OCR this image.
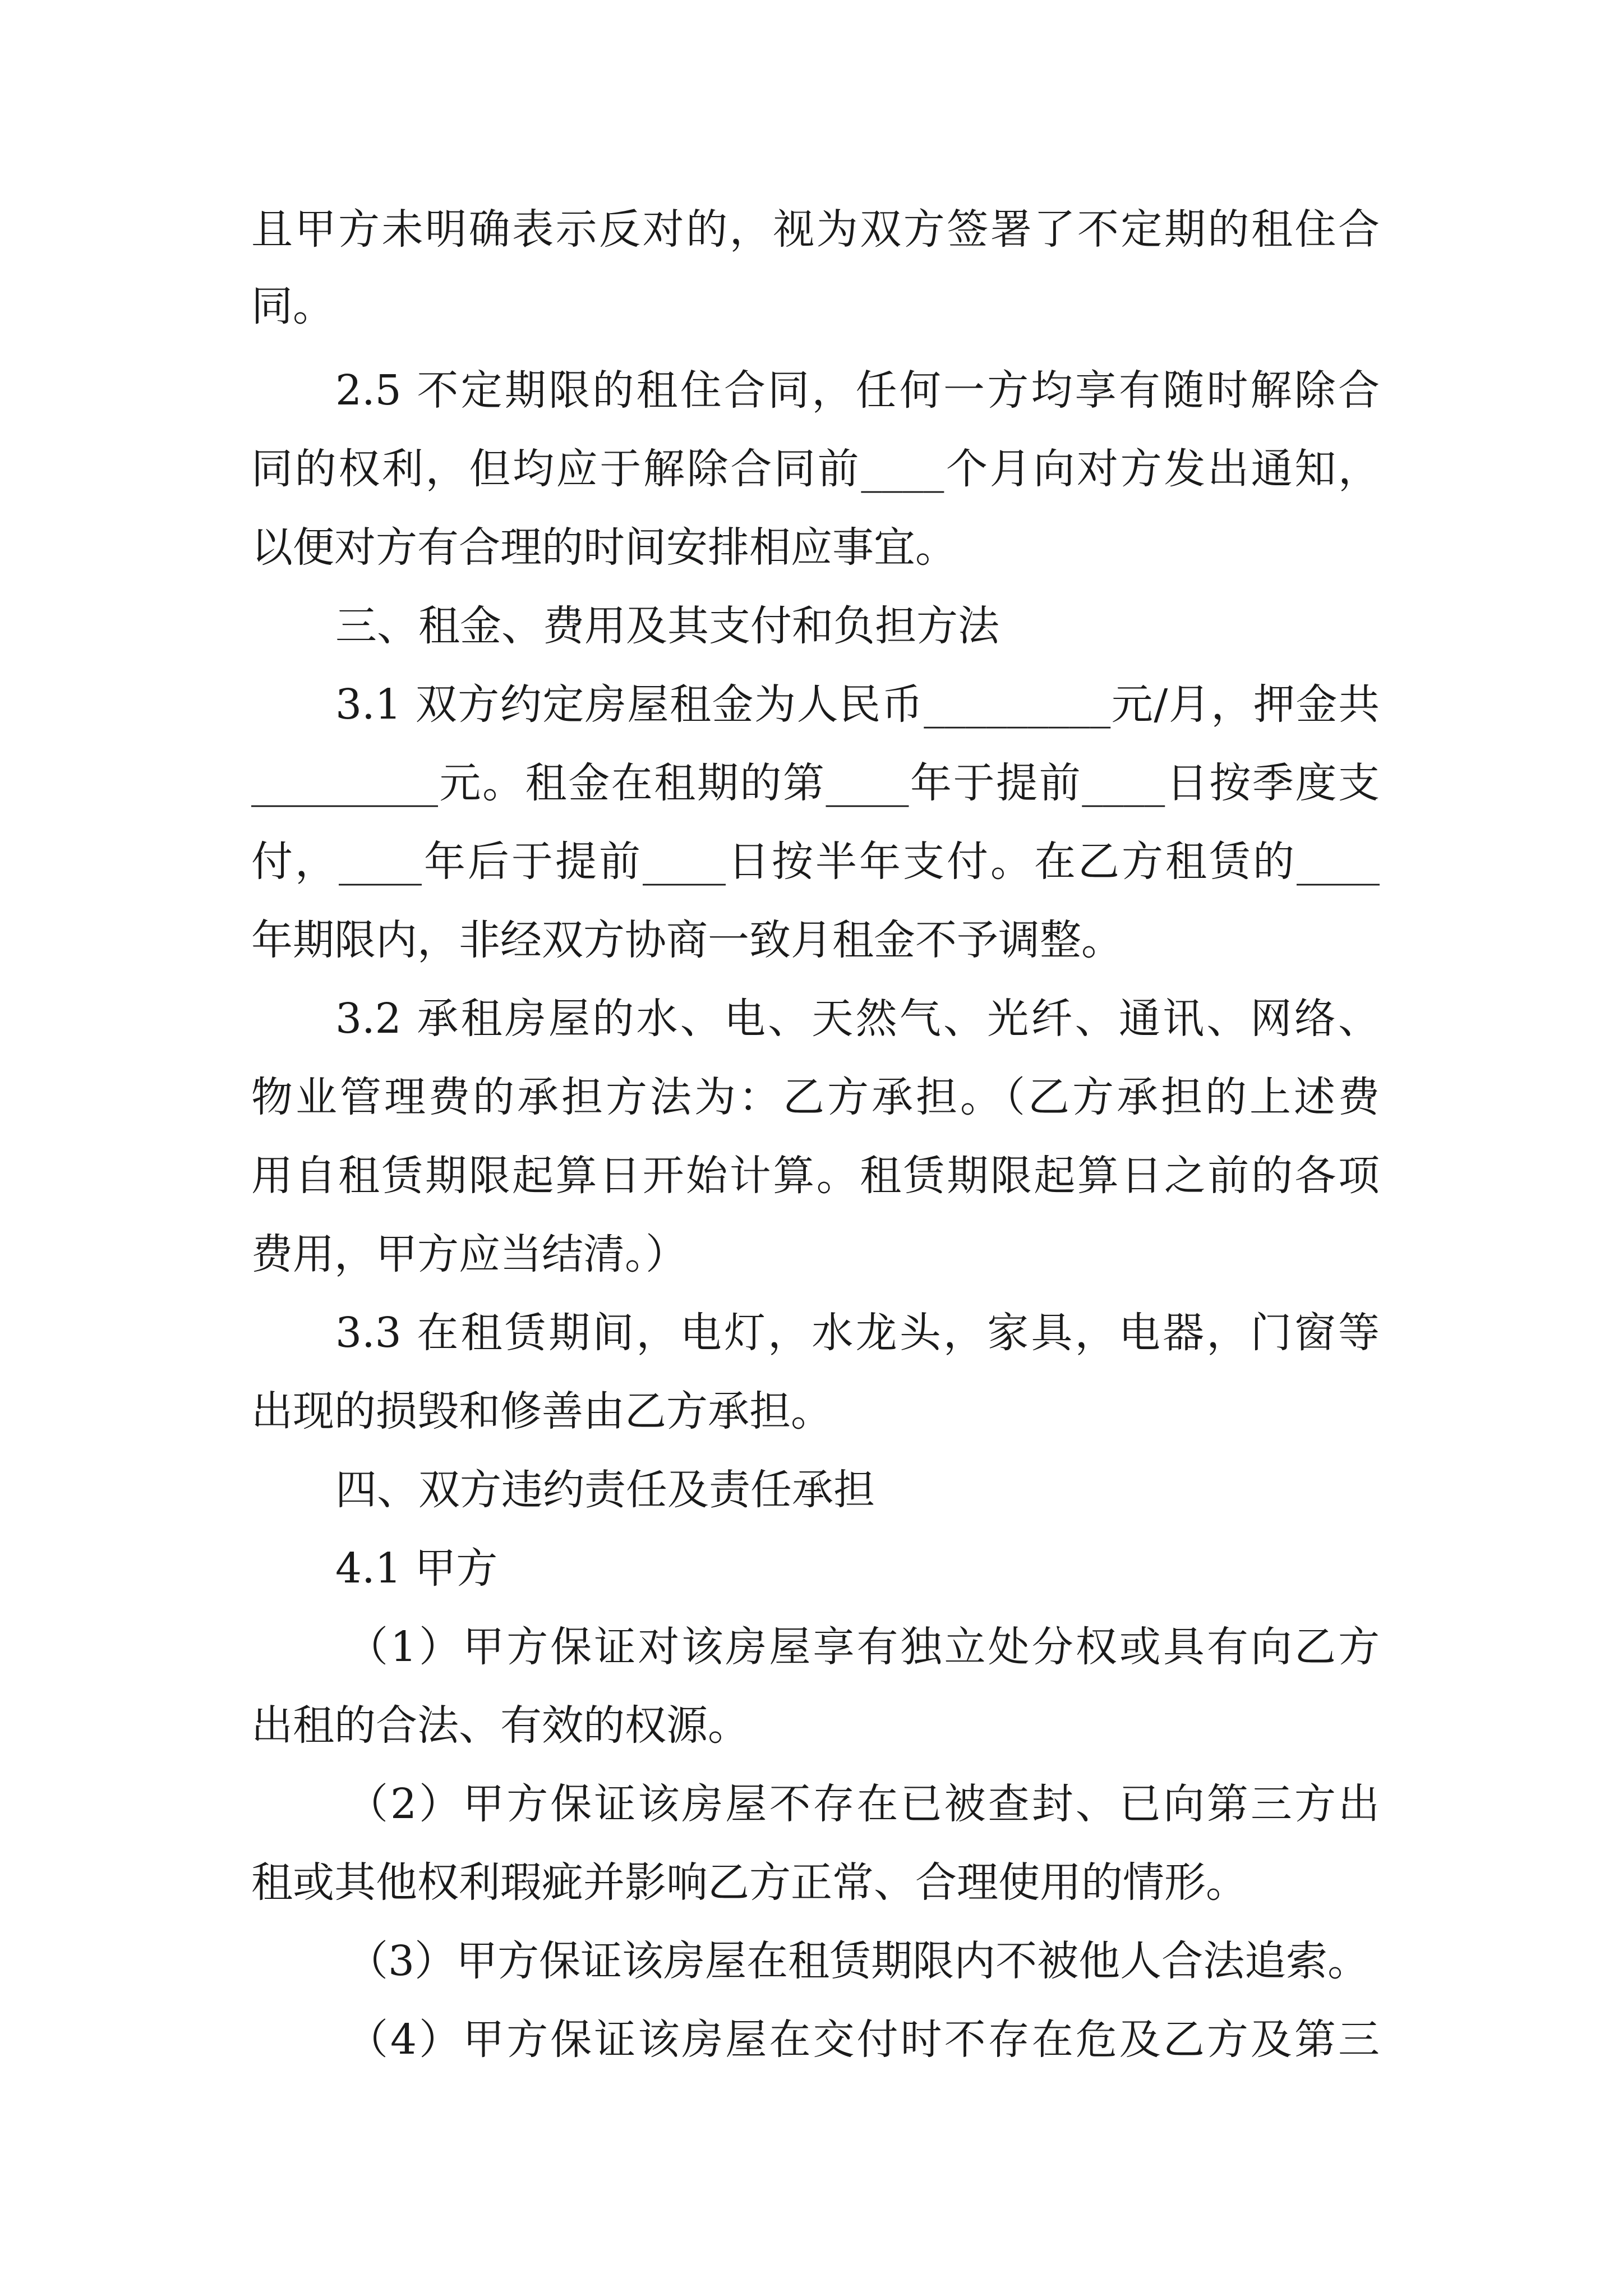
且甲方未明确表示反对的，视为双方签署了不定期的租住合
同。
2.5 不定期限的租住合同，任何一方均享有随时解除合
同的权利，但均应于解除合同前____个月向对方发出通知，
以便对方有合理的时间安排相应事宜。
三、租金、费用及其支付和负担方法
3.1 双方约定房屋租金为人民币_________元/月，押金共
_________元。租金在租期的第____年于提前____日按季度支
付，____年后于提前____日按半年支付。在乙方租赁的____
年期限内，非经双方协商一致月租金不予调整。
3.2 承租房屋的水、电、天然气、光纤、通讯、网络、
物业管理费的承担方法为：乙方承担。（乙方承担的上述费
用自租赁期限起算日开始计算。租赁期限起算日之前的各项
费用，甲方应当结清。）
3.3 在租赁期间，电灯，水龙头，家具，电器，门窗等
出现的损毁和修善由乙方承担。
四、双方违约责任及责任承担
4.1 甲方
（1）甲方保证对该房屋享有独立处分权或具有向乙方
出租的合法、有效的权源。
（2）甲方保证该房屋不存在已被查封、已向第三方出
租或其他权利瑕疵并影响乙方正常、合理使用的情形。
（3）甲方保证该房屋在租赁期限内不被他人合法追索。
（4）甲方保证该房屋在交付时不存在危及乙方及第三
